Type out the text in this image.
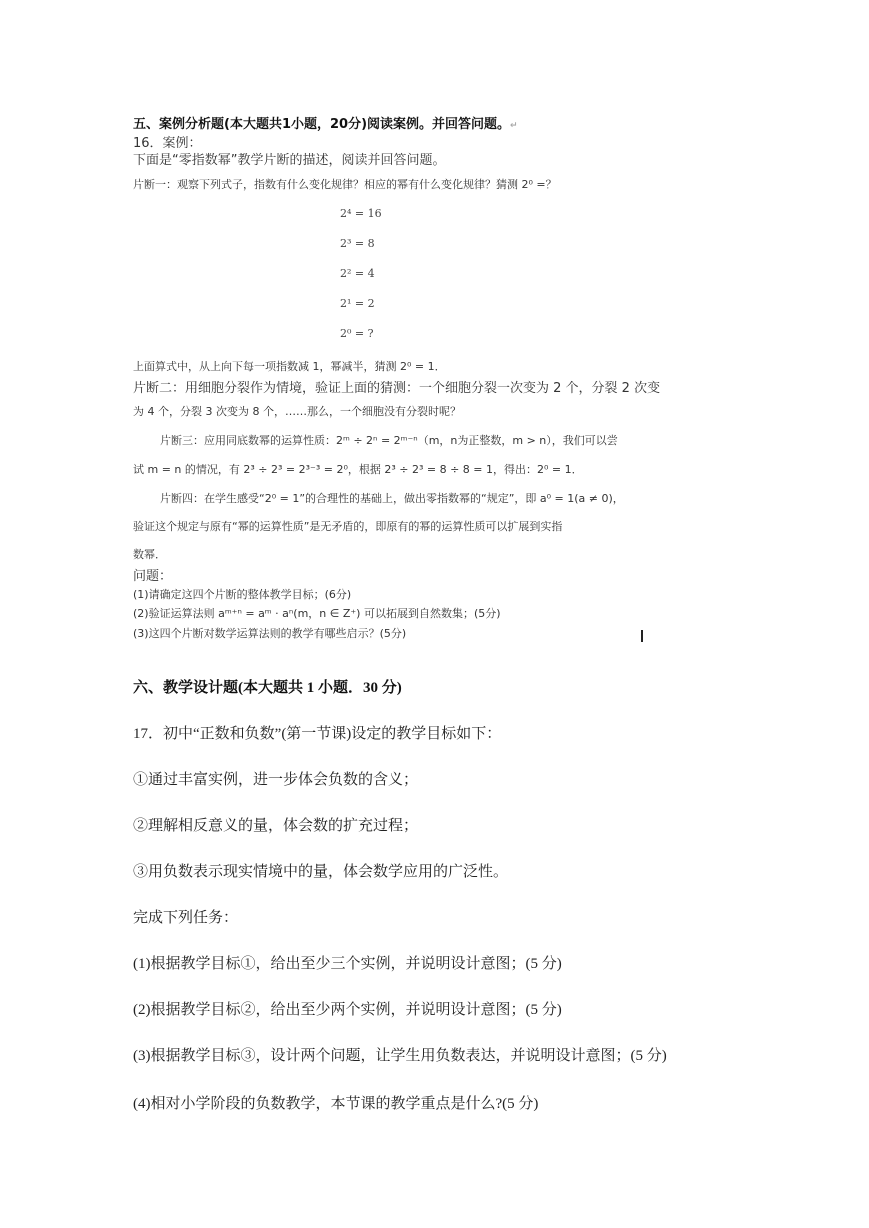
五、案例分析题(本大题共1小题，20分)阅读案例。并回答问题。↵
16．案例：
下面是“零指数幂”教学片断的描述，阅读并回答问题。
片断一：观察下列式子，指数有什么变化规律？相应的幂有什么变化规律？猜测 2⁰ =？
2⁴ = 16
2³ = 8
2² = 4
2¹ = 2
2⁰ = ?
上面算式中，从上向下每一项指数减 1，幂减半，猜测 2⁰ = 1．
片断二：用细胞分裂作为情境，验证上面的猜测：一个细胞分裂一次变为 2 个，分裂 2 次变
为 4 个，分裂 3 次变为 8 个，……那么，一个细胞没有分裂时呢？
片断三：应用同底数幂的运算性质：2ᵐ ÷ 2ⁿ = 2ᵐ⁻ⁿ（m，n为正整数，m > n），我们可以尝
试 m = n 的情况，有 2³ ÷ 2³ = 2³⁻³ = 2⁰，根据 2³ ÷ 2³ = 8 ÷ 8 = 1，得出：2⁰ = 1．
片断四：在学生感受“2⁰ = 1”的合理性的基础上，做出零指数幂的“规定”，即 a⁰ = 1(a ≠ 0)，
验证这个规定与原有“幂的运算性质”是无矛盾的，即原有的幂的运算性质可以扩展到实指
数幂．
问题：
(1)请确定这四个片断的整体教学目标；(6分)
(2)验证运算法则 aᵐ⁺ⁿ = aᵐ · aⁿ(m，n ∈ Z⁺) 可以拓展到自然数集；(5分)
(3)这四个片断对数学运算法则的教学有哪些启示？(5分)
六、教学设计题(本大题共 1 小题．30 分)
17．初中“正数和负数”(第一节课)设定的教学目标如下：
①通过丰富实例，进一步体会负数的含义；
②理解相反意义的量，体会数的扩充过程；
③用负数表示现实情境中的量，体会数学应用的广泛性。
完成下列任务：
(1)根据教学目标①，给出至少三个实例，并说明设计意图；(5 分)
(2)根据教学目标②，给出至少两个实例，并说明设计意图；(5 分)
(3)根据教学目标③，设计两个问题，让学生用负数表达，并说明设计意图；(5 分)
(4)相对小学阶段的负数教学，本节课的教学重点是什么?(5 分)
